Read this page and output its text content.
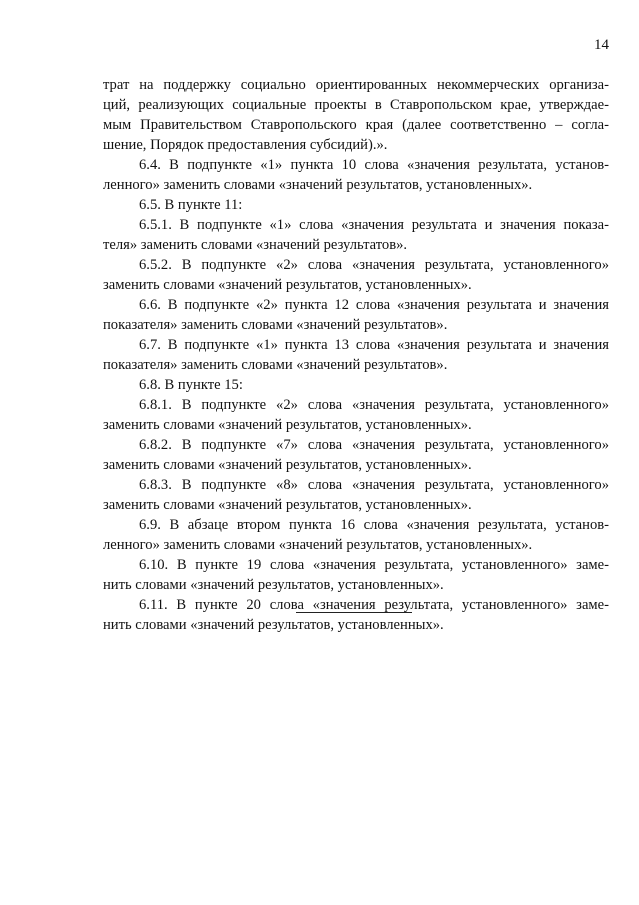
14
трат на поддержку социально ориентированных некоммерческих организа-
ций, реализующих социальные проекты в Ставропольском крае, утверждае-
мым Правительством Ставропольского края (далее соответственно – согла-
шение, Порядок предоставления субсидий).».
6.4. В подпункте «1» пункта 10 слова «значения результата, установ-
ленного» заменить словами «значений результатов, установленных».
6.5. В пункте 11:
6.5.1. В подпункте «1» слова «значения результата и значения показа-
теля» заменить словами «значений результатов».
6.5.2. В подпункте «2» слова «значения результата, установленного»
заменить словами «значений результатов, установленных».
6.6. В подпункте «2» пункта 12 слова «значения результата и значения
показателя» заменить словами «значений результатов».
6.7. В подпункте «1» пункта 13 слова «значения результата и значения
показателя» заменить словами «значений результатов».
6.8. В пункте 15:
6.8.1. В подпункте «2» слова «значения результата, установленного»
заменить словами «значений результатов, установленных».
6.8.2. В подпункте «7» слова «значения результата, установленного»
заменить словами «значений результатов, установленных».
6.8.3. В подпункте «8» слова «значения результата, установленного»
заменить словами «значений результатов, установленных».
6.9. В абзаце втором пункта 16 слова «значения результата, установ-
ленного» заменить словами «значений результатов, установленных».
6.10. В пункте 19 слова «значения результата, установленного» заме-
нить словами «значений результатов, установленных».
6.11. В пункте 20 слова «значения результата, установленного» заме-
нить словами «значений результатов, установленных».
